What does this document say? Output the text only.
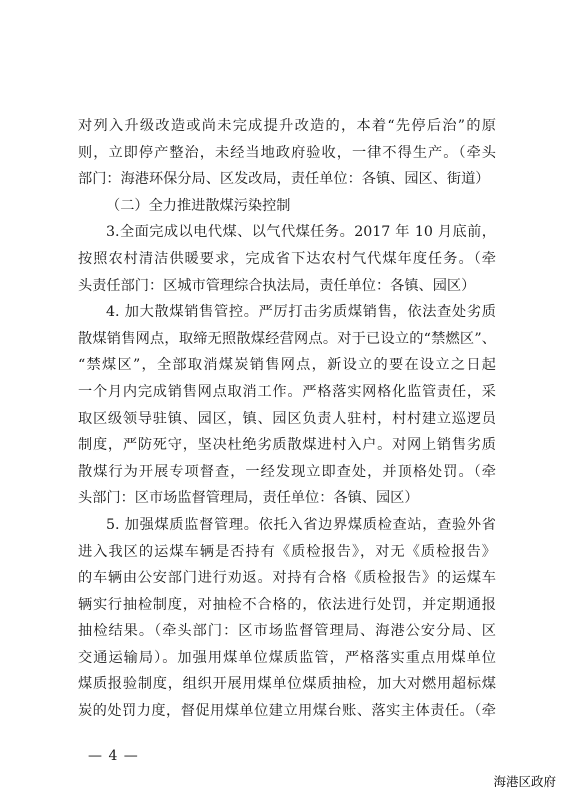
对列入升级改造或尚未完成提升改造的，本着“先停后治”的原
则，立即停产整治，未经当地政府验收，一律不得生产。（牵头
部门：海港环保分局、区发改局，责任单位：各镇、园区、街道）
（二）全力推进散煤污染控制
3.全面完成以电代煤、以气代煤任务。2017 年 10 月底前，
按照农村清洁供暖要求，完成省下达农村气代煤年度任务。（牵
头责任部门：区城市管理综合执法局，责任单位：各镇、园区）
4. 加大散煤销售管控。严厉打击劣质煤销售，依法查处劣质
散煤销售网点，取缔无照散煤经营网点。对于已设立的“禁燃区”、
“禁煤区”，全部取消煤炭销售网点，新设立的要在设立之日起
一个月内完成销售网点取消工作。严格落实网格化监管责任，采
取区级领导驻镇、园区，镇、园区负责人驻村，村村建立巡逻员
制度，严防死守，坚决杜绝劣质散煤进村入户。对网上销售劣质
散煤行为开展专项督查，一经发现立即查处，并顶格处罚。（牵
头部门：区市场监督管理局，责任单位：各镇、园区）
5. 加强煤质监督管理。依托入省边界煤质检查站，查验外省
进入我区的运煤车辆是否持有《质检报告》，对无《质检报告》
的车辆由公安部门进行劝返。对持有合格《质检报告》的运煤车
辆实行抽检制度，对抽检不合格的，依法进行处罚，并定期通报
抽检结果。（牵头部门：区市场监督管理局、海港公安分局、区
交通运输局）。加强用煤单位煤质监管，严格落实重点用煤单位
煤质报验制度，组织开展用煤单位煤质抽检，加大对燃用超标煤
炭的处罚力度，督促用煤单位建立用煤台账、落实主体责任。（牵
— 4 —
海港区政府
